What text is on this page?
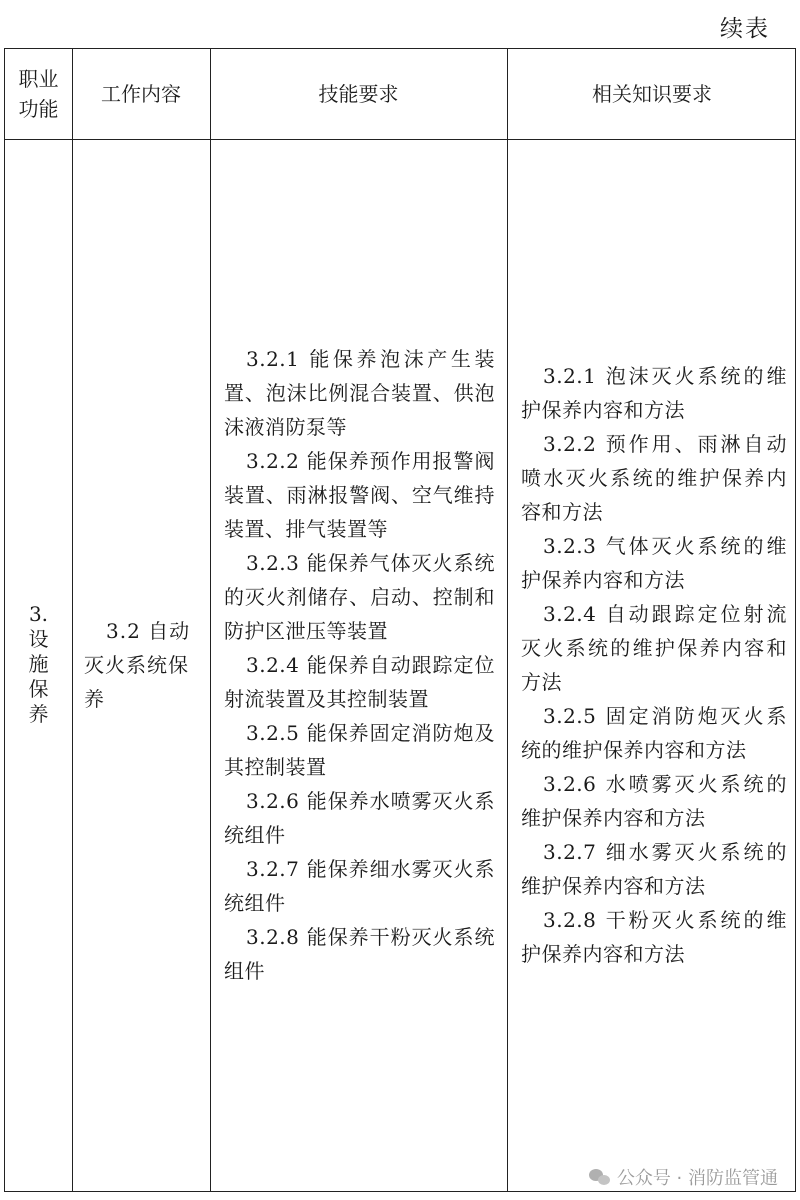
续表
职业功能
工作内容	技能要求	相关知识要求
3.
设
施
保
养
3.2 自动灭火系统保养
3.2.1 能保养泡沫产生装置、泡沫比例混合装置、供泡沫液消防泵等
3.2.2 能保养预作用报警阀装置、雨淋报警阀、空气维持装置、排气装置等
3.2.3 能保养气体灭火系统的灭火剂储存、启动、控制和防护区泄压等装置
3.2.4 能保养自动跟踪定位射流装置及其控制装置
3.2.5 能保养固定消防炮及其控制装置
3.2.6 能保养水喷雾灭火系统组件
3.2.7 能保养细水雾灭火系统组件
3.2.8 能保养干粉灭火系统组件
3.2.1 泡沫灭火系统的维护保养内容和方法
3.2.2 预作用、雨淋自动喷水灭火系统的维护保养内容和方法
3.2.3 气体灭火系统的维护保养内容和方法
3.2.4 自动跟踪定位射流灭火系统的维护保养内容和方法
3.2.5 固定消防炮灭火系统的维护保养内容和方法
3.2.6 水喷雾灭火系统的维护保养内容和方法
3.2.7 细水雾灭火系统的维护保养内容和方法
3.2.8 干粉灭火系统的维护保养内容和方法
公众号 · 消防监管通
